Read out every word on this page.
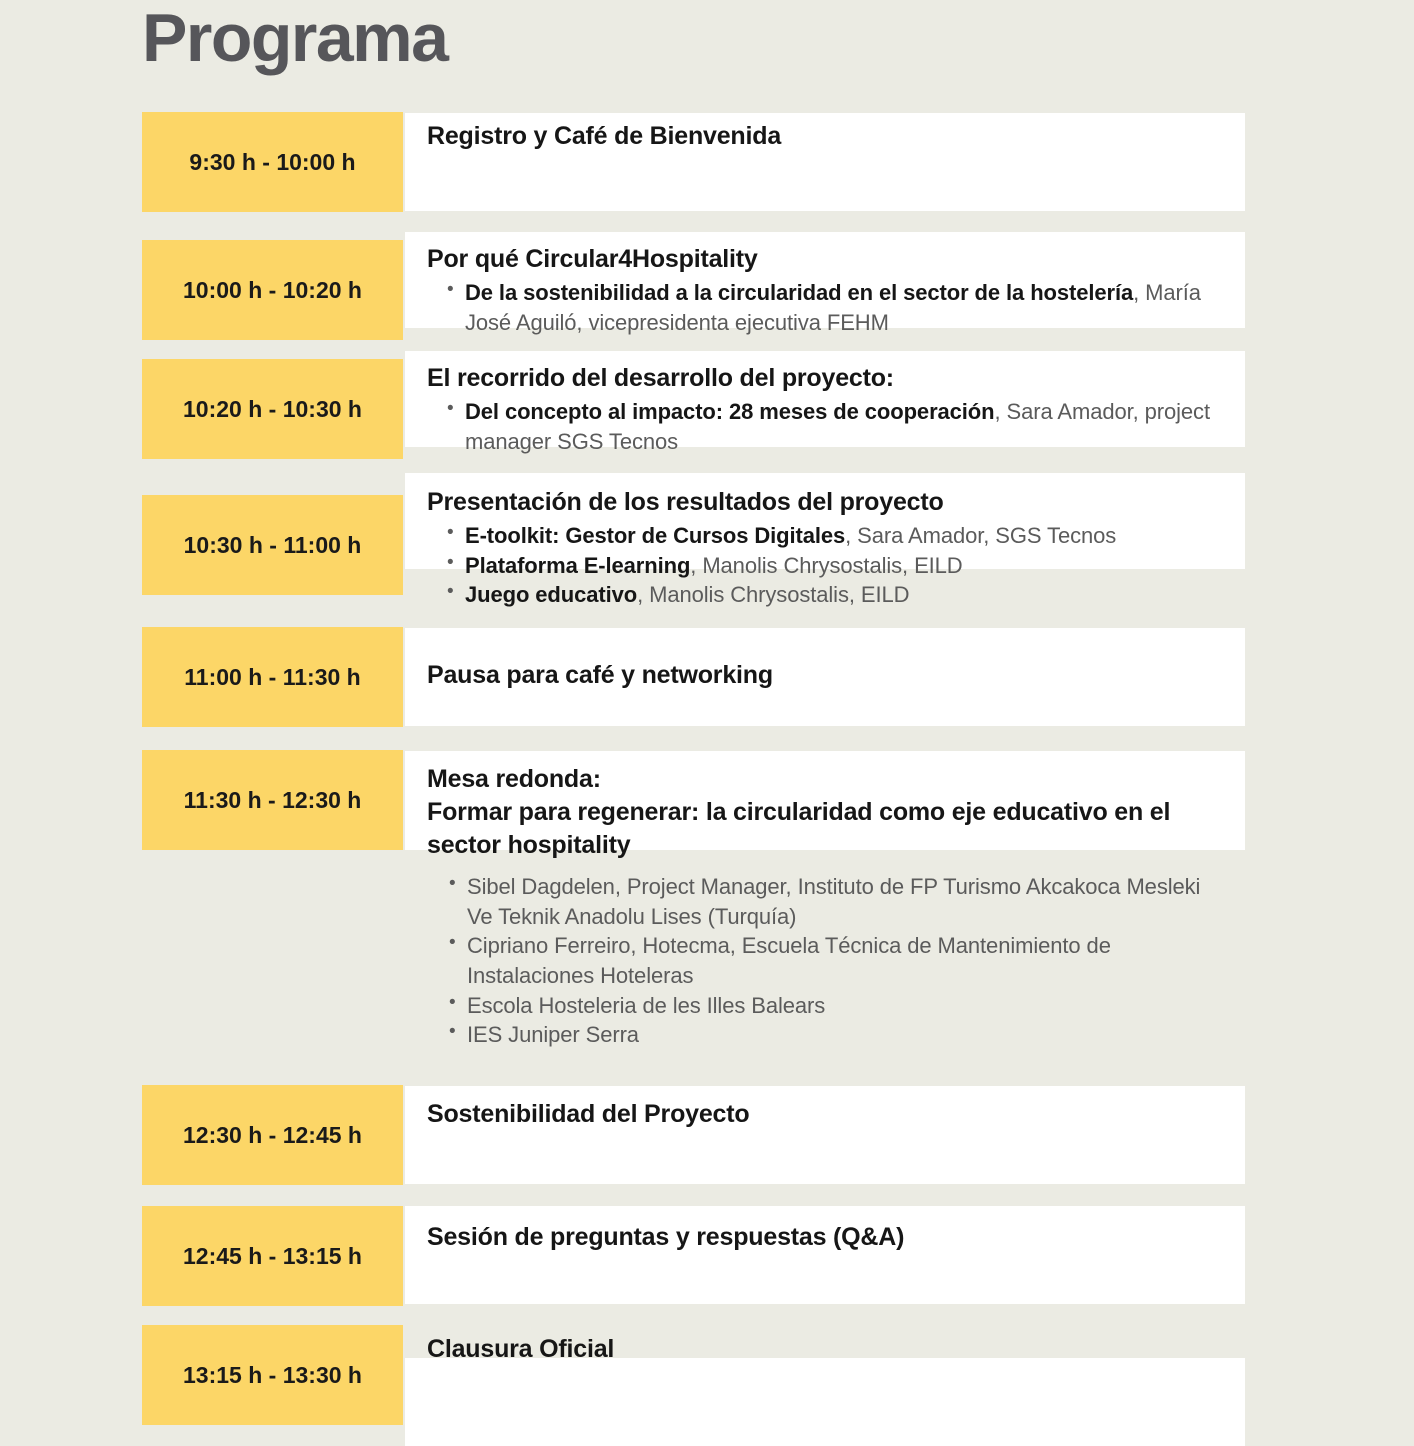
Programa
9:30 h - 10:00 h

Registro y Café de Bienvenida

10:00 h - 10:20 h

Por qué Circular4Hospitality

• De la sostenibilidad a la circularidad en el sector de la hostelería, María José Aguiló, vicepresidenta ejecutiva FEHM
10:20 h - 10:30 h

El recorrido del desarrollo del proyecto:

• Del concepto al impacto: 28 meses de cooperación, Sara Amador, project manager SGS Tecnos
10:30 h - 11:00 h

Presentación de los resultados del proyecto

• E-toolkit: Gestor de Cursos Digitales, Sara Amador, SGS Tecnos
• Plataforma E-learning, Manolis Chrysostalis, EILD
• Juego educativo, Manolis Chrysostalis, EILD
11:00 h - 11:30 h	Pausa para café y networking

11:30 h - 12:30 h

Mesa redonda:

Formar para regenerar: la circularidad como eje educativo en el sector hospitality

• Sibel Dagdelen, Project Manager, Instituto de FP Turismo Akcakoca Mesleki Ve Teknik Anadolu Lises (Turquía)
• Cipriano Ferreiro, Hotecma, Escuela Técnica de Mantenimiento de Instalaciones Hoteleras
• Escola Hosteleria de les Illes Balears
• IES Juniper Serra
12:30 h - 12:45 h

Sostenibilidad del Proyecto

12:45 h - 13:15 h

Sesión de preguntas y respuestas (Q&A)

13:15 h - 13:30 h

Clausura Oficial
